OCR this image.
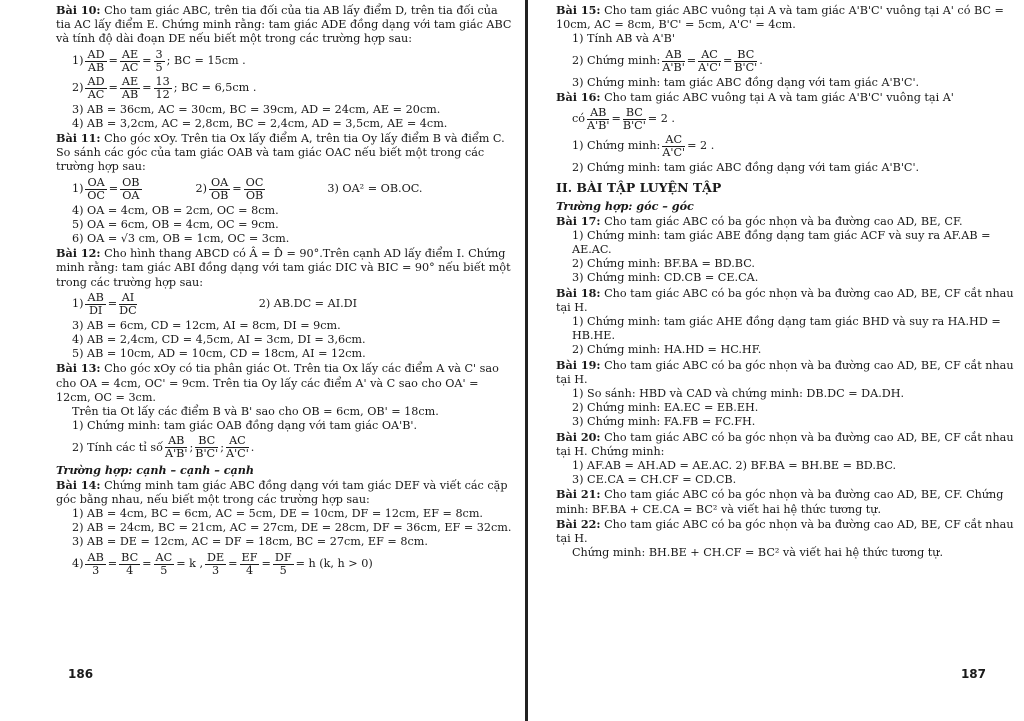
Bài 10: Cho tam giác ABC, trên tia đối của tia AB lấy điểm D, trên tia đối của tia AC lấy điểm E. Chứng minh rằng: tam giác ADE đồng dạng với tam giác ABC và tính độ dài đoạn DE nếu biết một trong các trường hợp sau:

$1) \frac{AD}{AB} = \frac{AE}{AC} = \frac{3}{5}$ ; BC = 15cm .
$2) \frac{AD}{AC} = \frac{AE}{AB} = \frac{13}{12}$ ; BC = 6,5cm .

3) AB = 36cm, AC = 30cm, BC = 39cm, AD = 24cm, AE = 20cm.

4) AB = 3,2cm, AC = 2,8cm, BC = 2,4cm, AD = 3,5cm, AE = 4cm.

Bài 11: Cho góc xOy. Trên tia Ox lấy điểm A, trên tia Oy lấy điểm B và điểm C. So sánh các góc của tam giác OAB và tam giác OAC nếu biết một trong các trường hợp sau:

$1) \frac{OA}{OC} = \frac{OB}{OA}$	$2) \frac{OA}{OB} = \frac{OC}{OB}$	3) OA² = OB.OC.

4) OA = 4cm, OB = 2cm, OC = 8cm.

5) OA = 6cm, OB = 4cm, OC = 9cm.

6) OA = √3 cm, OB = 1cm, OC = 3cm.

Bài 12: Cho hình thang ABCD có Â = D̂ = 90°.Trên cạnh AD lấy điểm I. Chứng minh rằng: tam giác ABI đồng dạng với tam giác DIC và BIC = 90° nếu biết một trong các trường hợp sau:

$1) \frac{AB}{DI} = \frac{AI}{DC}$	2) AB.DC = AI.DI

3) AB = 6cm, CD = 12cm, AI = 8cm, DI = 9cm.

4) AB = 2,4cm, CD = 4,5cm, AI = 3cm, DI = 3,6cm.

5) AB = 10cm, AD = 10cm, CD = 18cm, AI = 12cm.

Bài 13: Cho góc xOy có tia phân giác Ot. Trên tia Ox lấy các điểm A và C' sao cho OA = 4cm, OC' = 9cm. Trên tia Oy lấy các điểm A' và C sao cho OA' = 12cm, OC = 3cm.

Trên tia Ot lấy các điểm B và B' sao cho OB = 6cm, OB' = 18cm.

1) Chứng minh: tam giác OAB đồng dạng với tam giác OA'B'.

2) Tính các tỉ số $\frac{AB}{A'B'}$ ; $\frac{BC}{B'C'}$ ; $\frac{AC}{A'C'}$ .

Trường hợp: cạnh – cạnh – cạnh

Bài 14: Chứng minh tam giác ABC đồng dạng với tam giác DEF và viết các cặp góc bằng nhau, nếu biết một trong các trường hợp sau:

1) AB = 4cm, BC = 6cm, AC = 5cm, DE = 10cm, DF = 12cm, EF = 8cm.

2) AB = 24cm, BC = 21cm, AC = 27cm, DE = 28cm, DF = 36cm, EF = 32cm.

3) AB = DE = 12cm, AC = DF = 18cm, BC = 27cm, EF = 8cm.

$4) \frac{AB}{3} = \frac{BC}{4} = \frac{AC}{5} = k$ , $\frac{DE}{3} = \frac{EF}{4} = \frac{DF}{5} = h$ (k, h > 0)
186

Bài 15: Cho tam giác ABC vuông tại A và tam giác A'B'C' vuông tại A' có BC = 10cm, AC = 8cm, B'C' = 5cm, A'C' = 4cm.

1) Tính AB và A'B'

2) Chứng minh: $\frac{AB}{A'B'} = \frac{AC}{A'C'} = \frac{BC}{B'C'}$ .

3) Chứng minh: tam giác ABC đồng dạng với tam giác A'B'C'.

Bài 16: Cho tam giác ABC vuông tại A và tam giác A'B'C' vuông tại A'

có $\frac{AB}{A'B'} = \frac{BC}{B'C'} = 2$ .
1) Chứng minh: $\frac{AC}{A'C'} = 2$ .

2) Chứng minh: tam giác ABC đồng dạng với tam giác A'B'C'.

II. BÀI TẬP LUYỆN TẬP

Trường hợp: góc – góc

Bài 17: Cho tam giác ABC có ba góc nhọn và ba đường cao AD, BE, CF.

1) Chứng minh: tam giác ABE đồng dạng tam giác ACF và suy ra AF.AB = AE.AC.

2) Chứng minh: BF.BA = BD.BC.

3) Chứng minh: CD.CB = CE.CA.

Bài 18: Cho tam giác ABC có ba góc nhọn và ba đường cao AD, BE, CF cắt nhau tại H.

1) Chứng minh: tam giác AHE đồng dạng tam giác BHD và suy ra HA.HD = HB.HE.

2) Chứng minh: HA.HD = HC.HF.

Bài 19: Cho tam giác ABC có ba góc nhọn và ba đường cao AD, BE, CF cắt nhau tại H.

1) So sánh: HBD và CAD và chứng minh: DB.DC = DA.DH.

2) Chứng minh: EA.EC = EB.EH.

3) Chứng minh: FA.FB = FC.FH.

Bài 20: Cho tam giác ABC có ba góc nhọn và ba đường cao AD, BE, CF cắt nhau tại H. Chứng minh:

1) AF.AB = AH.AD = AE.AC. 2) BF.BA = BH.BE = BD.BC.

3) CE.CA = CH.CF = CD.CB.

Bài 21: Cho tam giác ABC có ba góc nhọn và ba đường cao AD, BE, CF. Chứng minh: BF.BA + CE.CA = BC² và viết hai hệ thức tương tự.

Bài 22: Cho tam giác ABC có ba góc nhọn và ba đường cao AD, BE, CF cắt nhau tại H.

Chứng minh: BH.BE + CH.CF = BC² và viết hai hệ thức tương tự.

187
